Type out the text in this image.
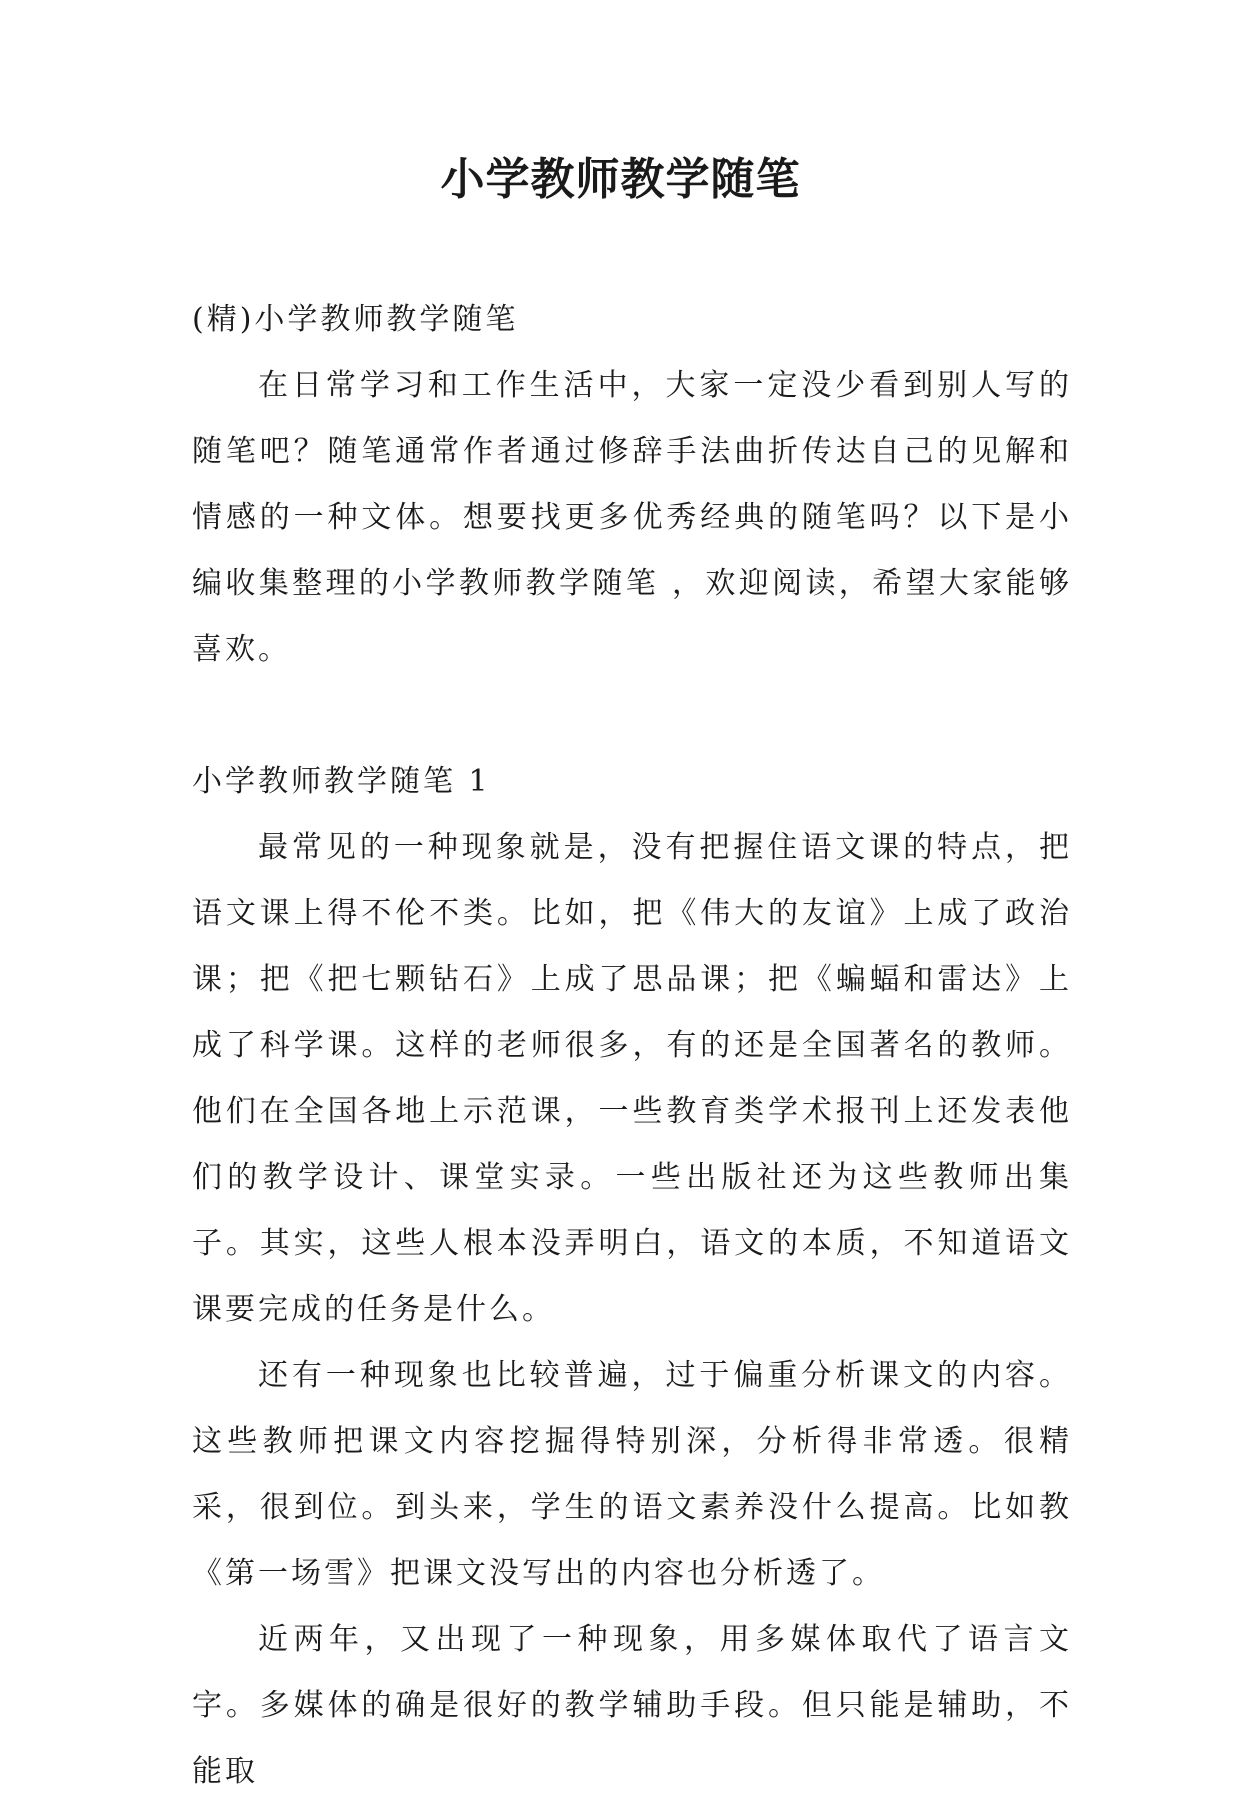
小学教师教学随笔

(精)小学教师教学随笔

在日常学习和工作生活中，大家一定没少看到别人写的随笔吧？随笔通常作者通过修辞手法曲折传达自己的见解和情感的一种文体。想要找更多优秀经典的随笔吗？以下是小编收集整理的小学教师教学随笔 ，欢迎阅读，希望大家能够喜欢。

小学教师教学随笔 1

最常见的一种现象就是，没有把握住语文课的特点，把语文课上得不伦不类。比如，把《伟大的友谊》上成了政治课；把《把七颗钻石》上成了思品课；把《蝙蝠和雷达》上成了科学课。这样的老师很多，有的还是全国著名的教师。他们在全国各地上示范课，一些教育类学术报刊上还发表他们的教学设计、课堂实录。一些出版社还为这些教师出集子。其实，这些人根本没弄明白，语文的本质，不知道语文课要完成的任务是什么。

还有一种现象也比较普遍，过于偏重分析课文的内容。这些教师把课文内容挖掘得特别深，分析得非常透。很精采，很到位。到头来，学生的语文素养没什么提高。比如教《第一场雪》把课文没写出的内容也分析透了。

近两年，又出现了一种现象，用多媒体取代了语言文字。多媒体的确是很好的教学辅助手段。但只能是辅助，不能取
